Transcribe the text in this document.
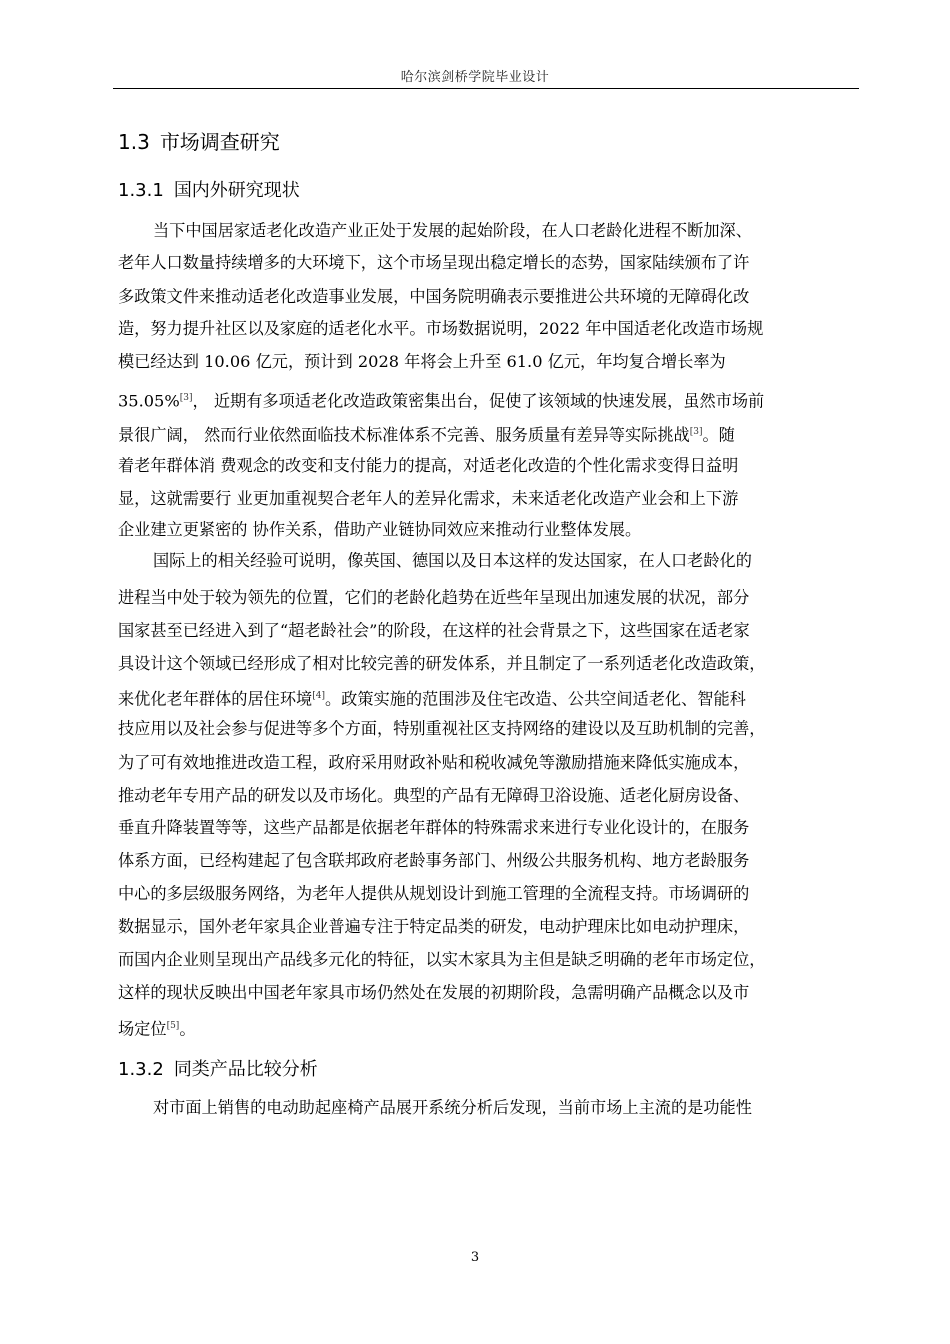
哈尔滨剑桥学院毕业设计
1.3 市场调查研究
1.3.1 国内外研究现状
当下中国居家适老化改造产业正处于发展的起始阶段，在人口老龄化进程不断加深、
老年人口数量持续增多的大环境下，这个市场呈现出稳定增长的态势，国家陆续颁布了许
多政策文件来推动适老化改造事业发展，中国务院明确表示要推进公共环境的无障碍化改
造，努力提升社区以及家庭的适老化水平。市场数据说明，2022 年中国适老化改造市场规
模已经达到 10.06 亿元，预计到 2028 年将会上升至 61.0 亿元，年均复合增长率为
35.05%[3]， 近期有多项适老化改造政策密集出台，促使了该领域的快速发展，虽然市场前
景很广阔， 然而行业依然面临技术标准体系不完善、服务质量有差异等实际挑战[3]。随
着老年群体消 费观念的改变和支付能力的提高，对适老化改造的个性化需求变得日益明
显，这就需要行 业更加重视契合老年人的差异化需求，未来适老化改造产业会和上下游
企业建立更紧密的 协作关系，借助产业链协同效应来推动行业整体发展。
国际上的相关经验可说明，像英国、德国以及日本这样的发达国家，在人口老龄化的
进程当中处于较为领先的位置，它们的老龄化趋势在近些年呈现出加速发展的状况，部分
国家甚至已经进入到了“超老龄社会”的阶段，在这样的社会背景之下，这些国家在适老家
具设计这个领域已经形成了相对比较完善的研发体系，并且制定了一系列适老化改造政策，
来优化老年群体的居住环境[4]。政策实施的范围涉及住宅改造、公共空间适老化、智能科
技应用以及社会参与促进等多个方面，特别重视社区支持网络的建设以及互助机制的完善，
为了可有效地推进改造工程，政府采用财政补贴和税收减免等激励措施来降低实施成本，
推动老年专用产品的研发以及市场化。典型的产品有无障碍卫浴设施、适老化厨房设备、
垂直升降装置等等，这些产品都是依据老年群体的特殊需求来进行专业化设计的，在服务
体系方面，已经构建起了包含联邦政府老龄事务部门、州级公共服务机构、地方老龄服务
中心的多层级服务网络，为老年人提供从规划设计到施工管理的全流程支持。市场调研的
数据显示，国外老年家具企业普遍专注于特定品类的研发，电动护理床比如电动护理床，
而国内企业则呈现出产品线多元化的特征，以实木家具为主但是缺乏明确的老年市场定位，
这样的现状反映出中国老年家具市场仍然处在发展的初期阶段，急需明确产品概念以及市
场定位[5]。
1.3.2 同类产品比较分析
对市面上销售的电动助起座椅产品展开系统分析后发现，当前市场上主流的是功能性
3
